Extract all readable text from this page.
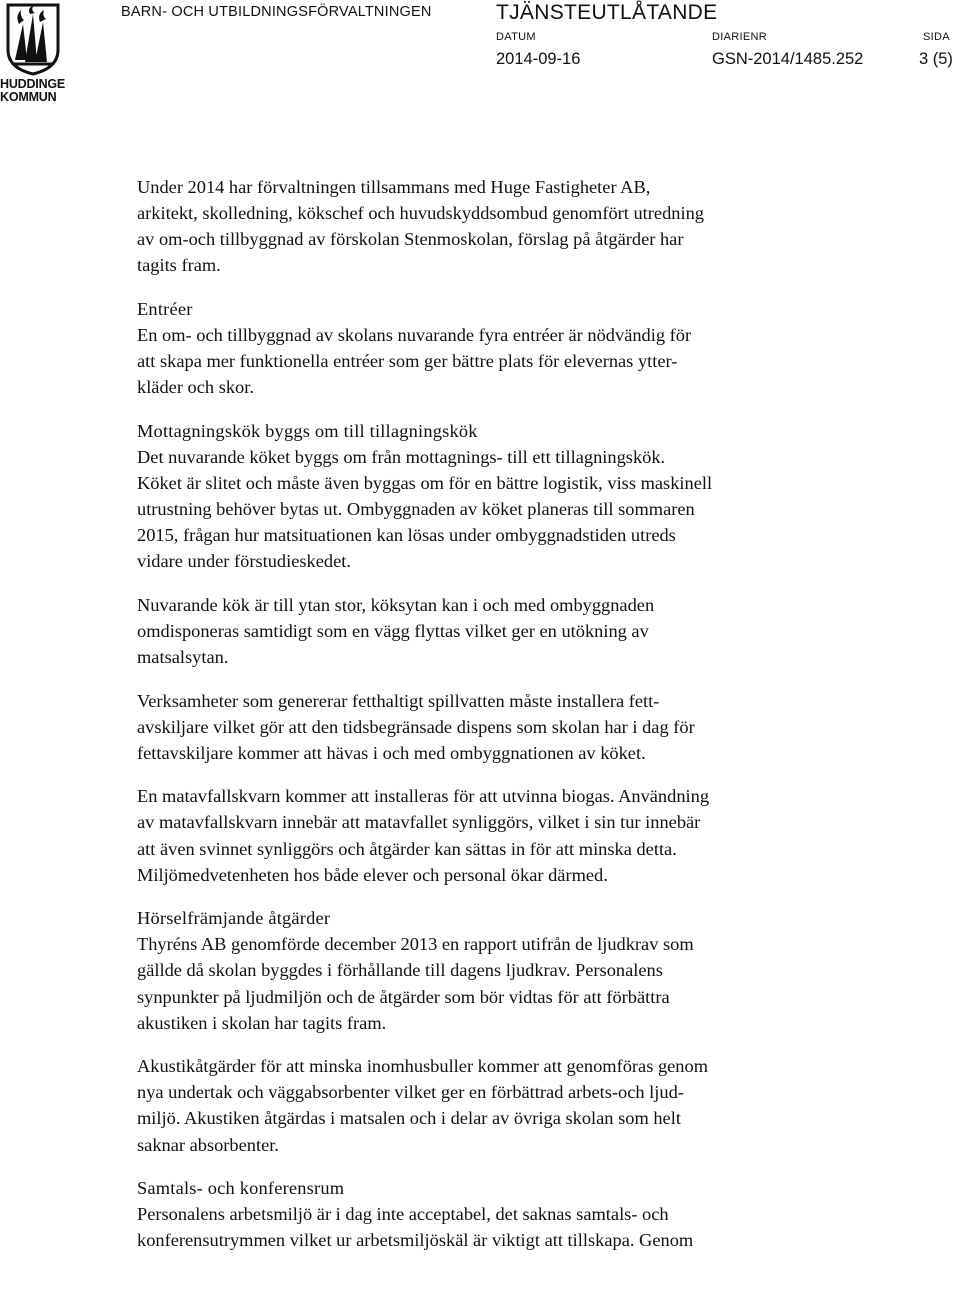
HUDDINGE
KOMMUN
BARN- OCH UTBILDNINGSFÖRVALTNINGEN	TJÄNSTEUTLÅTANDE
DATUM
2014-09-16
DIARIENR
GSN-2014/1485.252
SIDA
3 (5)

Under 2014 har förvaltningen tillsammans med Huge Fastigheter AB,

arkitekt, skolledning, kökschef och huvudskyddsombud genomfört utredning

av om-och tillbyggnad av förskolan Stenmoskolan, förslag på åtgärder har

tagits fram.

Entréer

En om- och tillbyggnad av skolans nuvarande fyra entréer är nödvändig för

att skapa mer funktionella entréer som ger bättre plats för elevernas ytter-

kläder och skor.

Mottagningskök byggs om till tillagningskök

Det nuvarande köket byggs om från mottagnings- till ett tillagningskök.

Köket är slitet och måste även byggas om för en bättre logistik, viss maskinell

utrustning behöver bytas ut. Ombyggnaden av köket planeras till sommaren

2015, frågan hur matsituationen kan lösas under ombyggnadstiden utreds

vidare under förstudieskedet.

Nuvarande kök är till ytan stor, köksytan kan i och med ombyggnaden

omdisponeras samtidigt som en vägg flyttas vilket ger en utökning av

matsalsytan.

Verksamheter som genererar fetthaltigt spillvatten måste installera fett-

avskiljare vilket gör att den tidsbegränsade dispens som skolan har i dag för

fettavskiljare kommer att hävas i och med ombyggnationen av köket.

En matavfallskvarn kommer att installeras för att utvinna biogas. Användning

av matavfallskvarn innebär att matavfallet synliggörs, vilket i sin tur innebär

att även svinnet synliggörs och åtgärder kan sättas in för att minska detta.

Miljömedvetenheten hos både elever och personal ökar därmed.

Hörselfrämjande åtgärder

Thyréns AB genomförde december 2013 en rapport utifrån de ljudkrav som

gällde då skolan byggdes i förhållande till dagens ljudkrav. Personalens

synpunkter på ljudmiljön och de åtgärder som bör vidtas för att förbättra

akustiken i skolan har tagits fram.

Akustikåtgärder för att minska inomhusbuller kommer att genomföras genom

nya undertak och väggabsorbenter vilket ger en förbättrad arbets-och ljud-

miljö. Akustiken åtgärdas i matsalen och i delar av övriga skolan som helt

saknar absorbenter.

Samtals- och konferensrum

Personalens arbetsmiljö är i dag inte acceptabel, det saknas samtals- och

konferensutrymmen vilket ur arbetsmiljöskäl är viktigt att tillskapa. Genom
